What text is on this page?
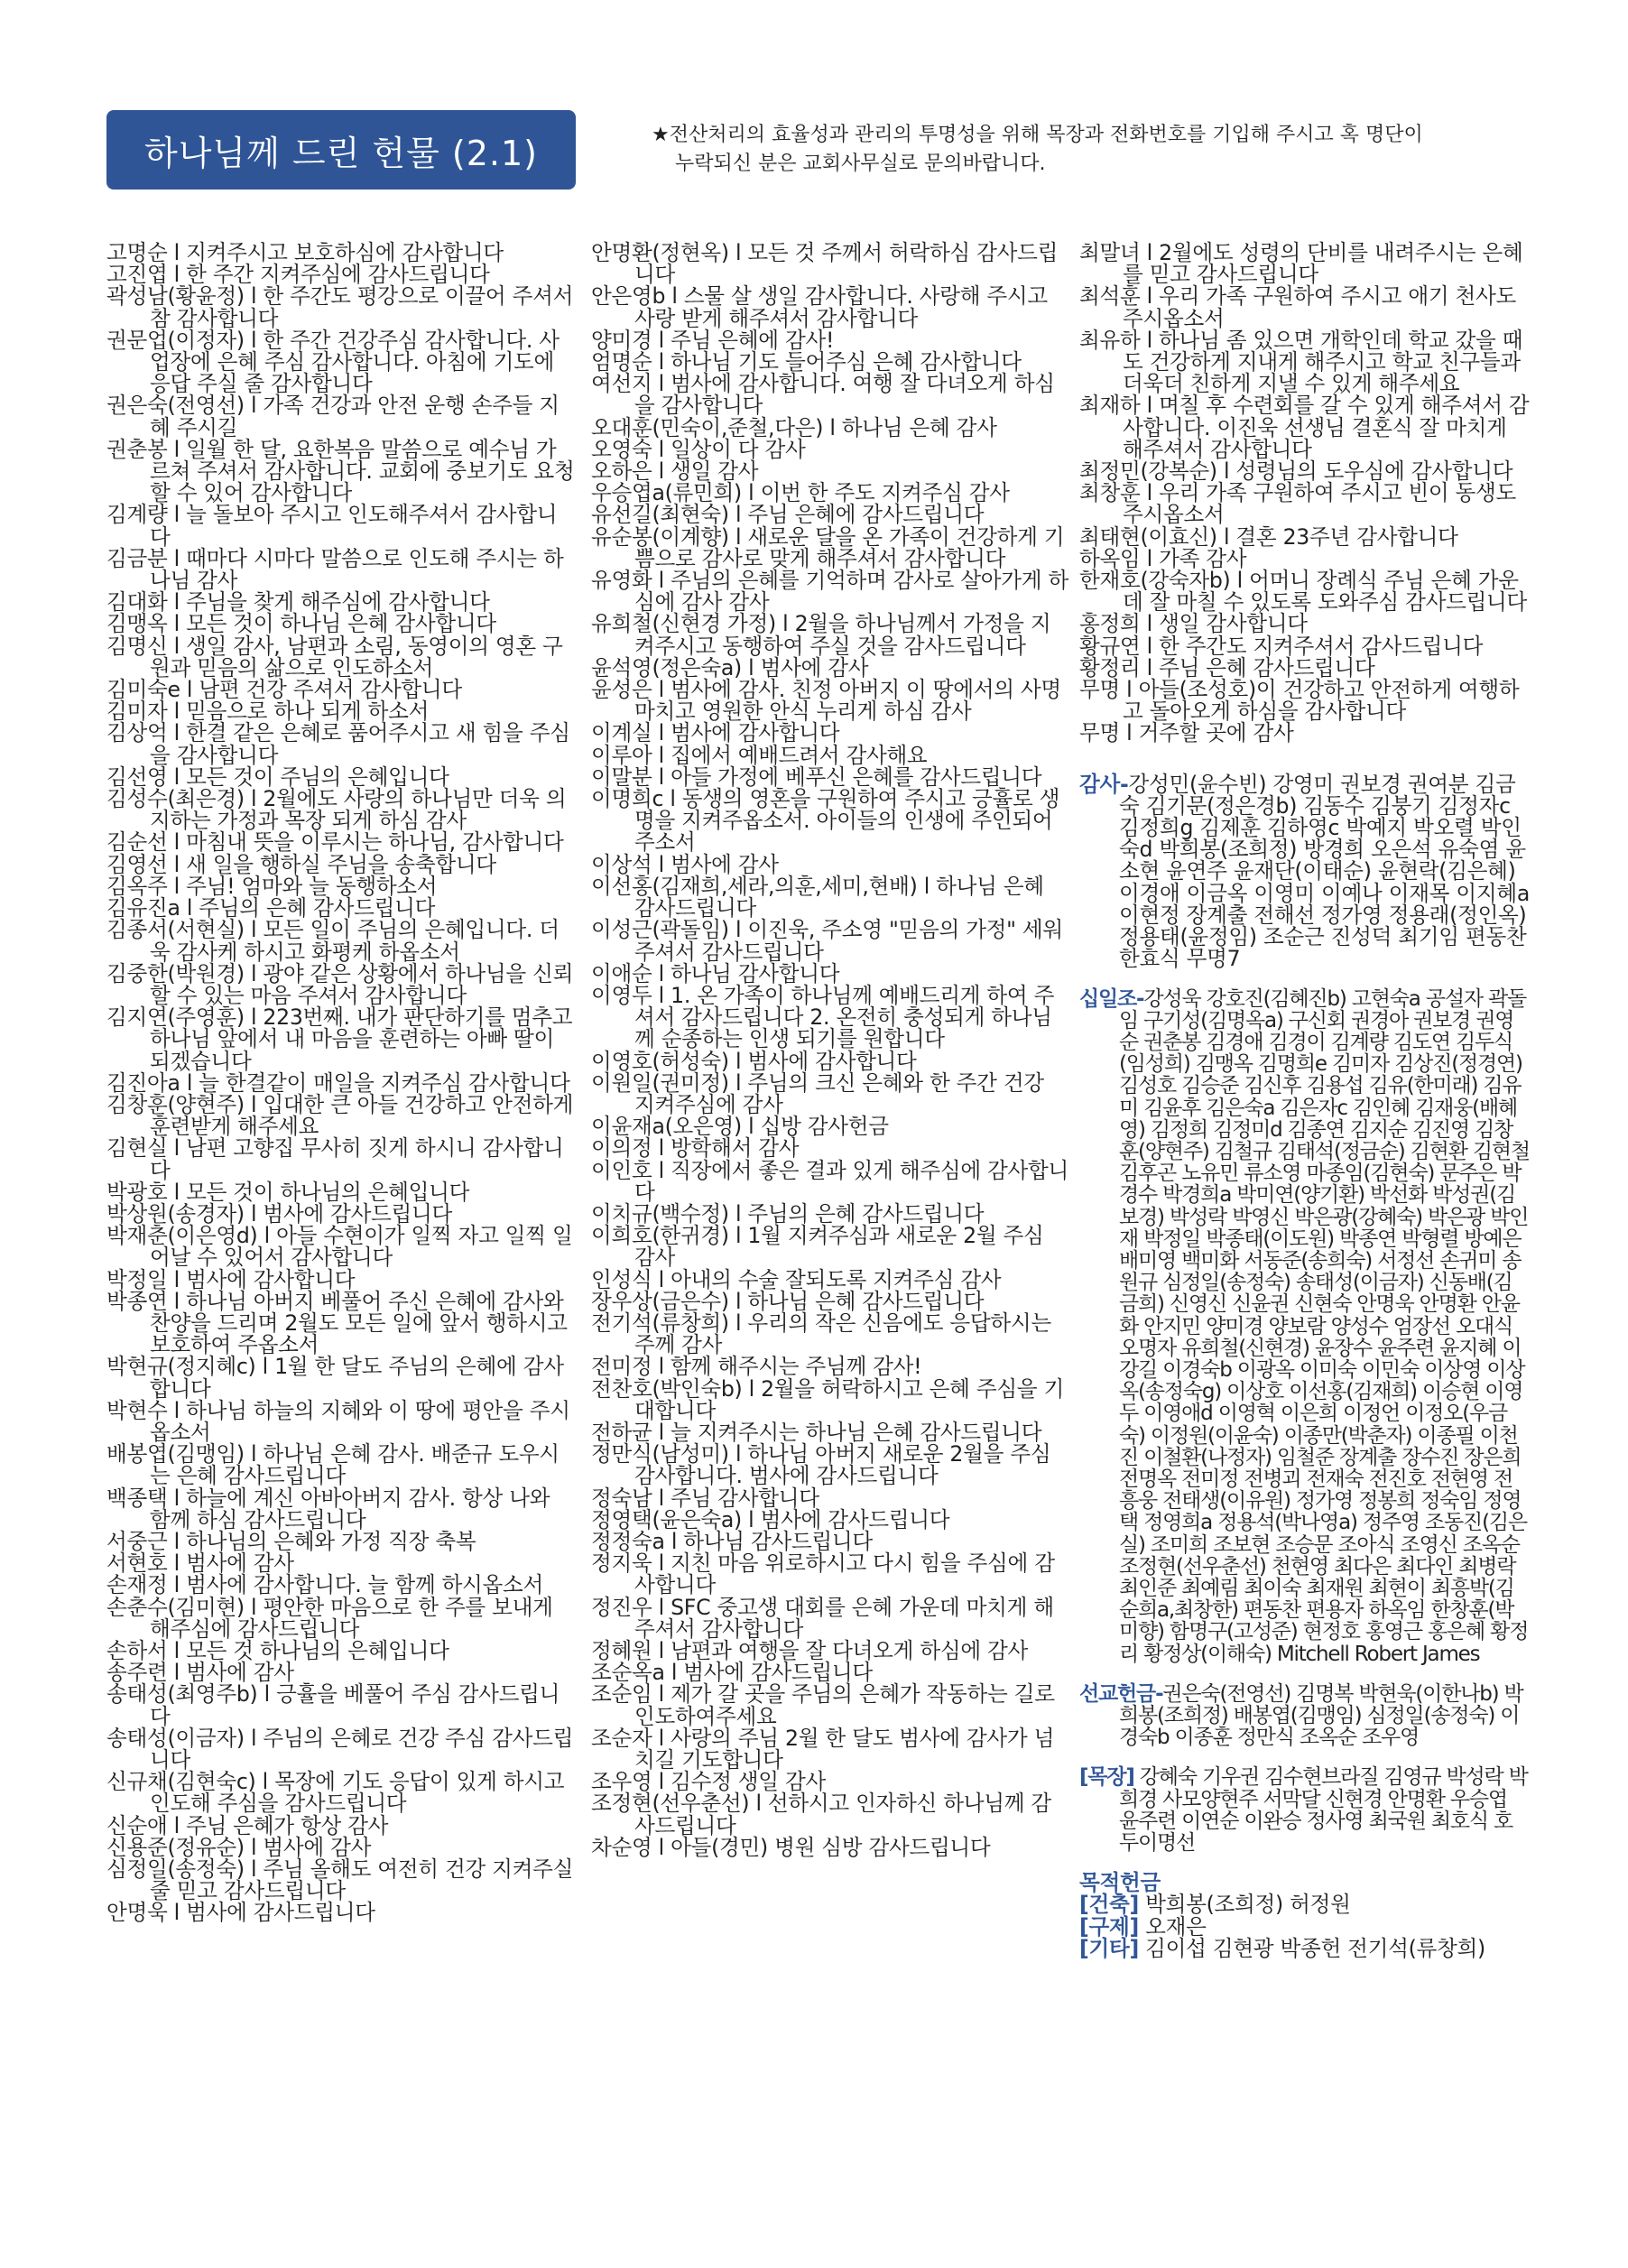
하나님께 드린 헌물 (2.1)	★전산처리의 효율성과 관리의 투명성을 위해 목장과 전화번호를 기입해 주시고 혹 명단이
누락되신 분은 교회사무실로 문의바랍니다.

고명순 l 지켜주시고 보호하심에 감사합니다

고진엽 l 한 주간 지켜주심에 감사드립니다

곽성남(황윤정) l 한 주간도 평강으로 이끌어 주셔서 참 감사합니다

권문업(이정자) l 한 주간 건강주심 감사합니다. 사업장에 은혜 주심 감사합니다. 아침에 기도에 응답 주실 줄 감사합니다

권은숙(전영선) l 가족 건강과 안전 운행 손주들 지혜 주시길

권춘봉 l 일월 한 달, 요한복음 말씀으로 예수님 가르쳐 주셔서 감사합니다. 교회에 중보기도 요청할 수 있어 감사합니다

김계량 l 늘 돌보아 주시고 인도해주셔서 감사합니다

김금분 l 때마다 시마다 말씀으로 인도해 주시는 하나님 감사

김대화 l 주님을 찾게 해주심에 감사합니다

김맹옥 l 모든 것이 하나님 은혜 감사합니다

김명신 l 생일 감사, 남편과 소림, 동영이의 영혼 구원과 믿음의 삶으로 인도하소서

김미숙e l 남편 건강 주셔서 감사합니다

김미자 l 믿음으로 하나 되게 하소서

김상억 l 한결 같은 은혜로 품어주시고 새 힘을 주심을 감사합니다

김선영 l 모든 것이 주님의 은혜입니다

김성수(최은경) l 2월에도 사랑의 하나님만 더욱 의지하는 가정과 목장 되게 하심 감사

김순선 l 마침내 뜻을 이루시는 하나님, 감사합니다

김영선 l 새 일을 행하실 주님을 송축합니다

김옥주 l 주님! 엄마와 늘 동행하소서

김유진a l 주님의 은혜 감사드립니다

김종서(서현실) l 모든 일이 주님의 은혜입니다. 더욱 감사케 하시고 화평케 하옵소서

김중한(박원경) l 광야 같은 상황에서 하나님을 신뢰할 수 있는 마음 주셔서 감사합니다

김지연(주영훈) l 223번째. 내가 판단하기를 멈추고 하나님 앞에서 내 마음을 훈련하는 아빠 딸이 되겠습니다

김진아a l 늘 한결같이 매일을 지켜주심 감사합니다

김창훈(양현주) l 입대한 큰 아들 건강하고 안전하게 훈련받게 해주세요

김현실 l 남편 고향집 무사히 짓게 하시니 감사합니다

박광호 l 모든 것이 하나님의 은혜입니다

박상원(송경자) l 범사에 감사드립니다

박재춘(이은영d) l 아들 수현이가 일찍 자고 일찍 일어날 수 있어서 감사합니다

박정일 l 범사에 감사합니다

박종연 l 하나님 아버지 베풀어 주신 은혜에 감사와 찬양을 드리며 2월도 모든 일에 앞서 행하시고 보호하여 주옵소서

박현규(정지혜c) l 1월 한 달도 주님의 은혜에 감사합니다

박현수 l 하나님 하늘의 지혜와 이 땅에 평안을 주시옵소서

배봉엽(김맹임) l 하나님 은혜 감사. 배준규 도우시는 은혜 감사드립니다

백종택 l 하늘에 계신 아바아버지 감사. 항상 나와 함께 하심 감사드립니다

서중근 l 하나님의 은혜와 가정 직장 축복

서현호 l 범사에 감사

손재정 l 범사에 감사합니다. 늘 함께 하시옵소서

손춘수(김미현) l 평안한 마음으로 한 주를 보내게 해주심에 감사드립니다

손하서 l 모든 것 하나님의 은혜입니다

송주련 l 범사에 감사

송태성(최영주b) l 긍휼을 베풀어 주심 감사드립니다

송태성(이금자) l 주님의 은혜로 건강 주심 감사드립니다

신규채(김현숙c) l 목장에 기도 응답이 있게 하시고 인도해 주심을 감사드립니다

신순애 l 주님 은혜가 항상 감사

신용준(정유순) l 범사에 감사

심정일(송정숙) l 주님 올해도 여전히 건강 지켜주실 줄 믿고 감사드립니다

안명욱 l 범사에 감사드립니다

안명환(정현옥) l 모든 것 주께서 허락하심 감사드립니다

안은영b l 스물 살 생일 감사합니다. 사랑해 주시고 사랑 받게 해주셔서 감사합니다

양미경 l 주님 은혜에 감사!

엄명순 l 하나님 기도 들어주심 은혜 감사합니다

여선지 l 범사에 감사합니다. 여행 잘 다녀오게 하심을 감사합니다

오대훈(민숙이,준철,다은) l 하나님 은혜 감사

오영숙 l 일상이 다 감사

오하은 l 생일 감사

우승엽a(류민희) l 이번 한 주도 지켜주심 감사

유선길(최현숙) l 주님 은혜에 감사드립니다

유순봉(이계향) l 새로운 달을 온 가족이 건강하게 기쁨으로 감사로 맞게 해주셔서 감사합니다

유영화 l 주님의 은혜를 기억하며 감사로 살아가게 하심에 감사 감사

유희철(신현경 가정) l 2월을 하나님께서 가정을 지켜주시고 동행하여 주실 것을 감사드립니다

윤석영(정은숙a) l 범사에 감사

윤성은 l 범사에 감사. 친정 아버지 이 땅에서의 사명 마치고 영원한 안식 누리게 하심 감사

이계실 l 범사에 감사합니다

이루아 l 집에서 예배드려서 감사해요

이말분 l 아들 가정에 베푸신 은혜를 감사드립니다

이명희c l 동생의 영혼을 구원하여 주시고 긍휼로 생명을 지켜주옵소서. 아이들의 인생에 주인되어 주소서

이상석 l 범사에 감사

이선홍(김재희,세라,의훈,세미,현배) l 하나님 은혜 감사드립니다

이성근(곽돌임) l 이진욱, 주소영 "믿음의 가정" 세워주셔서 감사드립니다

이애순 l 하나님 감사합니다

이영두 l 1. 온 가족이 하나님께 예배드리게 하여 주셔서 감사드립니다 2. 온전히 충성되게 하나님께 순종하는 인생 되기를 원합니다

이영호(허성숙) l 범사에 감사합니다

이원일(권미정) l 주님의 크신 은혜와 한 주간 건강 지켜주심에 감사

이윤재a(오은영) l 십방 감사헌금

이의정 l 방학해서 감사

이인호 l 직장에서 좋은 결과 있게 해주심에 감사합니다

이치규(백수정) l 주님의 은혜 감사드립니다

이희호(한귀경) l 1월 지켜주심과 새로운 2월 주심 감사

인성식 l 아내의 수술 잘되도록 지켜주심 감사

장우상(금은수) l 하나님 은혜 감사드립니다

전기석(류창희) l 우리의 작은 신음에도 응답하시는 주께 감사

전미정 l 함께 해주시는 주님께 감사!

전찬호(박인숙b) l 2월을 허락하시고 은혜 주심을 기대합니다

전하균 l 늘 지켜주시는 하나님 은혜 감사드립니다

정만식(남성미) l 하나님 아버지 새로운 2월을 주심 감사합니다. 범사에 감사드립니다

정숙남 l 주님 감사합니다

정영택(윤은숙a) l 범사에 감사드립니다

정정숙a l 하나님 감사드립니다

정지욱 l 지친 마음 위로하시고 다시 힘을 주심에 감사합니다

정진우 l SFC 중고생 대회를 은혜 가운데 마치게 해주셔서 감사합니다

정혜원 l 남편과 여행을 잘 다녀오게 하심에 감사

조순옥a l 범사에 감사드립니다

조순임 l 제가 갈 곳을 주님의 은혜가 작동하는 길로 인도하여주세요

조순자 l 사랑의 주님 2월 한 달도 범사에 감사가 넘치길 기도합니다

조우영 l 김수정 생일 감사

조정현(선우춘선) l 선하시고 인자하신 하나님께 감사드립니다

차순영 l 아들(경민) 병원 심방 감사드립니다

최말녀 l 2월에도 성령의 단비를 내려주시는 은혜를 믿고 감사드립니다

최석훈 l 우리 가족 구원하여 주시고 애기 천사도 주시옵소서

최유하 l 하나님 좀 있으면 개학인데 학교 갔을 때도 건강하게 지내게 해주시고 학교 친구들과 더욱더 친하게 지낼 수 있게 해주세요

최재하 l 며칠 후 수련회를 갈 수 있게 해주셔서 감사합니다. 이진욱 선생님 결혼식 잘 마치게 해주셔서 감사합니다

최정민(강복순) l 성령님의 도우심에 감사합니다

최창훈 l 우리 가족 구원하여 주시고 빈이 동생도 주시옵소서

최태현(이효신) l 결혼 23주년 감사합니다

하옥임 l 가족 감사

한재호(강숙자b) l 어머니 장례식 주님 은혜 가운데 잘 마칠 수 있도록 도와주심 감사드립니다

홍정희 l 생일 감사합니다

황규연 l 한 주간도 지켜주셔서 감사드립니다

황정리 l 주님 은혜 감사드립니다

무명 l 아들(조성호)이 건강하고 안전하게 여행하고 돌아오게 하심을 감사합니다

무명 l 거주할 곳에 감사

감사-강성민(윤수빈) 강영미 권보경 권여분 김금숙 김기문(정은경b) 김동수 김붕기 김정자c 김정희g 김제훈 김하영c 박예지 박오렬 박인숙d 박희봉(조희정) 방경희 오은석 유숙염 윤소현 윤연주 윤재단(이태순) 윤현락(김은혜) 이경애 이금옥 이영미 이예나 이재목 이지혜a 이현정 장계출 전해선 정가영 정용래(정인옥) 정용태(윤정임) 조순근 진성덕 최기임 편동찬 한효식 무명7
십일조-강성욱 강호진(김혜진b) 고현숙a 공설자 곽돌임 구기성(김명옥a) 구신회 권경아 권보경 권영순 권춘봉 김경애 김경이 김계량 김도연 김두식(임성희) 김맹옥 김명희e 김미자 김상진(정경연) 김성호 김승준 김신후 김용섭 김유(한미래) 김유미 김윤후 김은숙a 김은자c 김인혜 김재웅(배혜영) 김정희 김정미d 김종연 김지순 김진영 김창훈(양현주) 김철규 김태석(정금순) 김현환 김현철 김후곤 노유민 류소영 마종임(김현숙) 문주은 박경수 박경희a 박미연(양기환) 박선화 박성권(김보경) 박성락 박영신 박은광(강혜숙) 박은광 박인재 박정일 박종태(이도원) 박종연 박형렬 방예은 배미영 백미화 서동준(송희숙) 서정선 손귀미 송원규 심정일(송정숙) 송태성(이금자) 신동배(김금희) 신영신 신윤권 신현숙 안명욱 안명환 안윤화 안지민 양미경 양보람 양성수 엄장선 오대식 오명자 유희철(신현경) 윤장수 윤주련 윤지혜 이강길 이경숙b 이광옥 이미숙 이민숙 이상영 이상옥(송정숙g) 이상호 이선홍(김재희) 이승현 이영두 이영애d 이영혁 이은희 이정언 이정오(우금숙) 이정원(이윤숙) 이종만(박춘자) 이종필 이천진 이철환(나정자) 임철준 장계출 장수진 장은희 전명옥 전미정 전병괴 전재숙 전진호 전현영 전흥웅 전태생(이유원) 정가영 정봉희 정숙임 정영택 정영희a 정용석(박나영a) 정주영 조동진(김은실) 조미희 조보현 조승문 조아식 조영신 조옥순 조정현(선우춘선) 천현영 최다은 최다인 최병락 최인준 최예림 최이숙 최재원 최현이 최흥박(김순희a,최창한) 편동찬 편용자 하옥임 한창훈(박미향) 함명구(고성준) 현정호 홍영근 홍은혜 황정리 황정상(이해숙) Mitchell Robert James
선교헌금-권은숙(전영선) 김명복 박현욱(이한나b) 박희봉(조희정) 배봉엽(김맹임) 심정일(송정숙) 이경숙b 이종훈 정만식 조옥순 조우영
[목장] 강혜숙 기우권 김수현브라질 김영규 박성락 박희경 사모양현주 서막달 신현경 안명환 우승엽 윤주련 이연순 이완승 정사영 최국원 최호식 호두이명선
목적헌금
[건축] 박희봉(조희정) 허정원
[구제] 오재은
[기타] 김이섭 김현광 박종헌 전기석(류창희)
